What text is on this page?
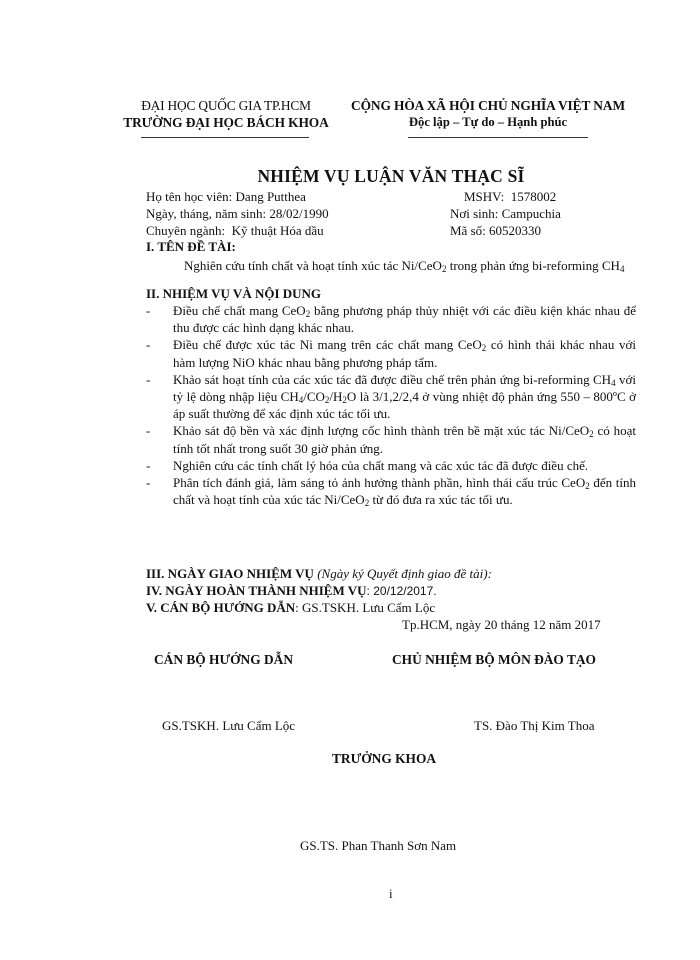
ĐẠI HỌC QUỐC GIA TP.HCM
TRƯỜNG ĐẠI HỌC BÁCH KHOA
CỘNG HÒA XÃ HỘI CHỦ NGHĨA VIỆT NAM
Độc lập – Tự do – Hạnh phúc
NHIỆM VỤ LUẬN VĂN THẠC SĨ
Họ tên học viên: Dang Putthea	MSHV: 1578002
Ngày, tháng, năm sinh: 28/02/1990	Nơi sinh: Campuchia
Chuyên ngành: Kỹ thuật Hóa dầu	Mã số: 60520330
I. TÊN ĐỀ TÀI:
Nghiên cứu tính chất và hoạt tính xúc tác Ni/CeO$_2$ trong phản ứng bi-reforming $CH_4$
II. NHIỆM VỤ VÀ NỘI DUNG

- Điều chế chất mang CeO$_2$ bằng phương pháp thủy nhiệt với các điều kiện khác nhau để thu được các hình dạng khác nhau.

- Điều chế được xúc tác Ni mang trên các chất mang CeO$_2$ có hình thái khác nhau với hàm lượng NiO khác nhau bằng phương pháp tẩm.

- Khảo sát hoạt tính của các xúc tác đã được điều chế trên phản ứng bi-reforming $CH_4$ với tỷ lệ dòng nhập liệu $CH_4/CO_2/H_2O$ là 3/1,2/2,4 ở vùng nhiệt độ phản ứng 550 – 800ºC ở áp suất thường để xác định xúc tác tối ưu.

- Khảo sát độ bền và xác định lượng cốc hình thành trên bề mặt xúc tác Ni/CeO$_2$ có hoạt tính tốt nhất trong suốt 30 giờ phản ứng.

- Nghiên cứu các tính chất lý hóa của chất mang và các xúc tác đã được điều chế.

- Phân tích đánh giá, làm sáng tỏ ảnh hưởng thành phần, hình thái cấu trúc CeO$_2$ đến tính chất và hoạt tính của xúc tác Ni/CeO$_2$ từ đó đưa ra xúc tác tối ưu.

III. NGÀY GIAO NHIỆM VỤ (Ngày ký Quyết định giao đề tài):
IV. NGÀY HOÀN THÀNH NHIỆM VỤ: 20/12/2017.
V. CÁN BỘ HƯỚNG DẪN: GS.TSKH. Lưu Cẩm Lộc
Tp.HCM, ngày 20 tháng 12 năm 2017
CÁN BỘ HƯỚNG DẪN	CHỦ NHIỆM BỘ MÔN ĐÀO TẠO
GS.TSKH. Lưu Cẩm Lộc	TS. Đào Thị Kim Thoa
TRƯỞNG KHOA
GS.TS. Phan Thanh Sơn Nam
i
